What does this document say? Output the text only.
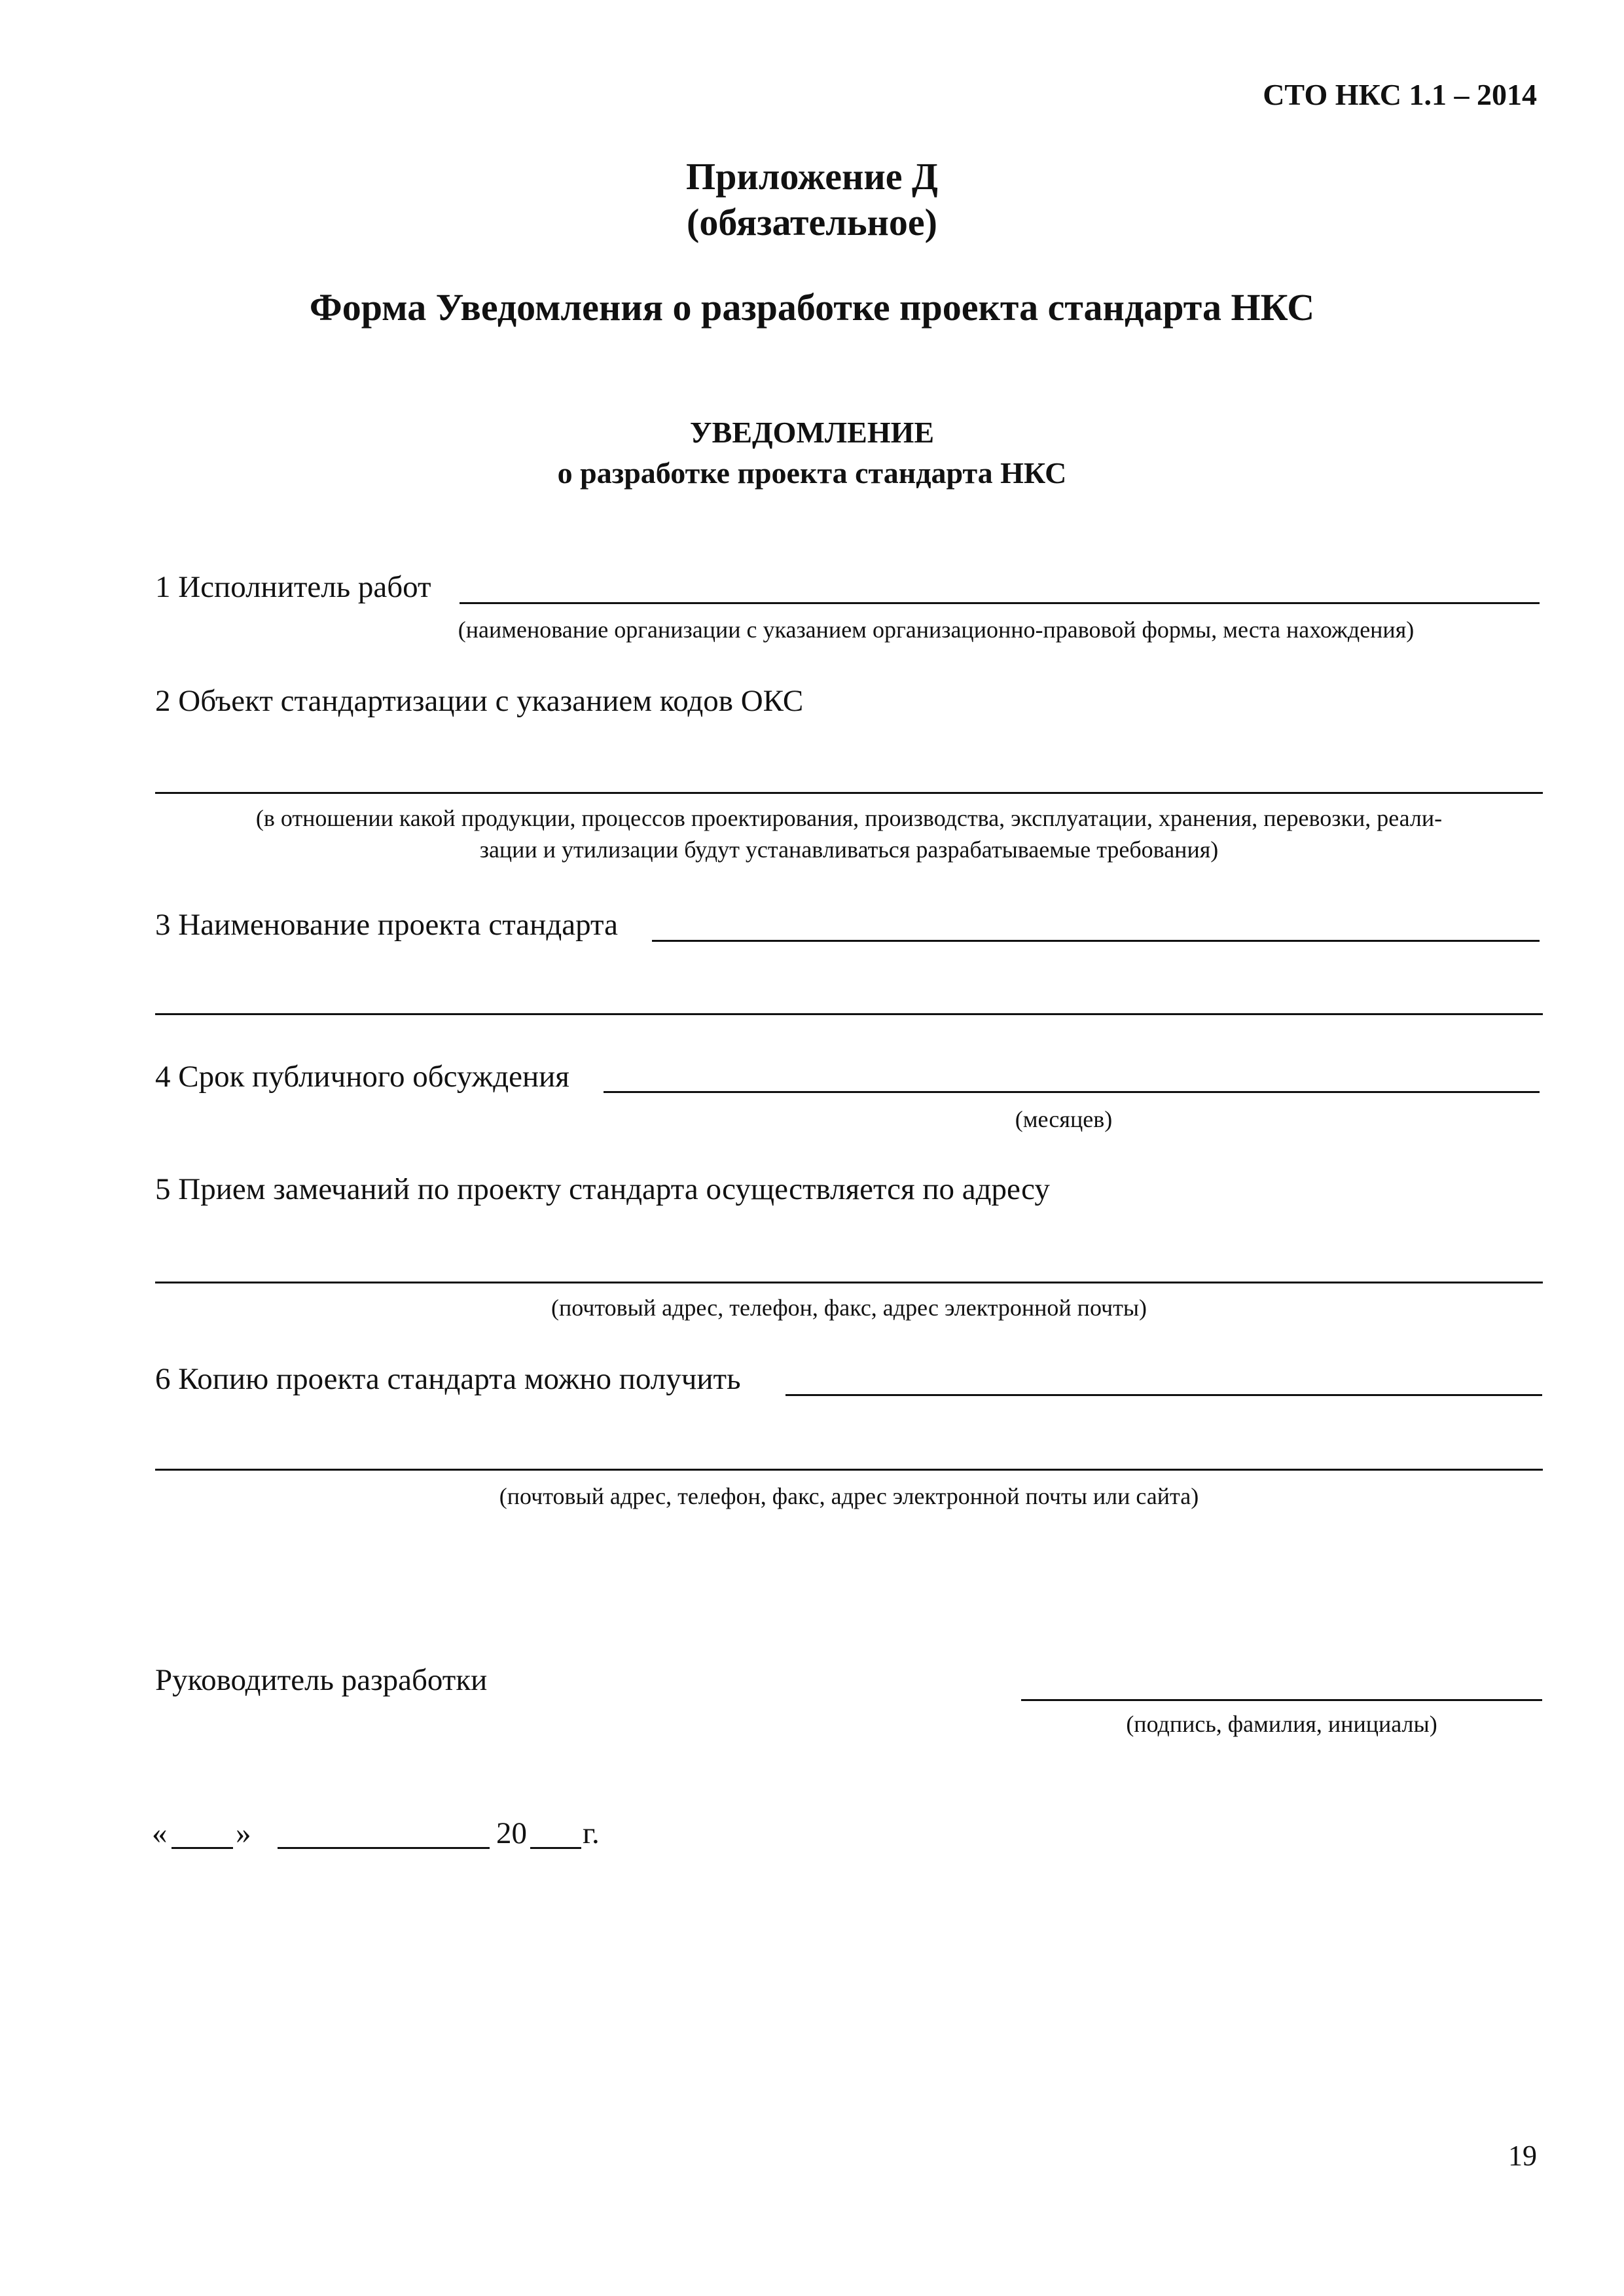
СТО НКС 1.1 – 2014
Приложение Д
(обязательное)
Форма Уведомления о разработке проекта стандарта НКС
УВЕДОМЛЕНИЕ
о разработке проекта стандарта НКС
1 Исполнитель работ
(наименование организации с указанием организационно-правовой формы, места нахождения)
2 Объект стандартизации с указанием кодов ОКС
(в отношении какой продукции, процессов проектирования, производства, эксплуатации, хранения, перевозки, реали-
зации и утилизации будут устанавливаться разрабатываемые требования)
3 Наименование проекта стандарта
4 Срок публичного обсуждения
(месяцев)
5 Прием замечаний по проекту стандарта осуществляется по адресу
(почтовый адрес, телефон, факс, адрес электронной почты)
6 Копию проекта стандарта можно получить
(почтовый адрес, телефон, факс, адрес электронной почты или сайта)
Руководитель разработки
(подпись, фамилия, инициалы)
« »	20 г.
19
